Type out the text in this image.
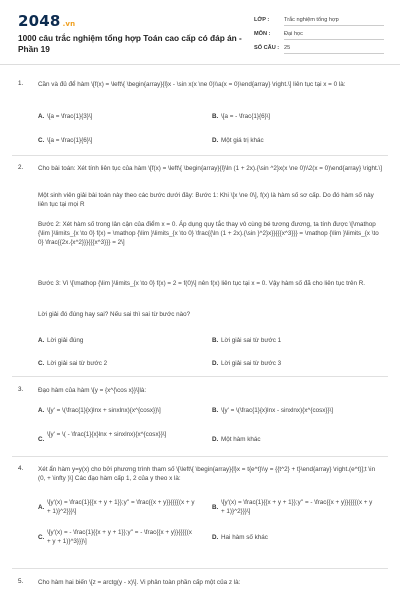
2048 .vn
1000 câu trắc nghiệm tổng hợp Toán cao cấp có đáp án - Phần 19
LỚP :	Trắc nghiệm tổng hợp
MÔN : Đại học
SỐ CÂU : 25
1. Cần và đủ để hàm \[f(x) = \left\{ \begin{array}{l}x - \sin x(x \ne 0)\\a(x = 0)\end{array} \right.\] liên tục tại x = 0 là:

A. \[a = \frac{1}{3}\]	B. \[a = - \frac{1}{6}\]
C. \[a = \frac{1}{6}\]	D. Một giá trị khác
2. Cho bài toán: Xét tính liên tục của hàm \[f(x) = \left\{ \begin{array}{l}\ln (1 + 2x).{\sin ^2}x(x \ne 0)\\2(x = 0)\end{array} \right.\]

Một sinh viên giải bài toán này theo các bước dưới đây: Bước 1: Khi \[x \ne 0\], f(x) là hàm số sơ cấp. Do đó hàm số này liên tục tại mọi R

Bước 2: Xét hàm số trong lân cận của điểm x = 0. Áp dụng quy tắc thay vô cùng bé tương đương, ta tính được \[\mathop {\lim }\limits_{x \to 0} f(x) = \mathop {\lim }\limits_{x \to 0} \frac{{\ln (1 + 2x).{\sin }^2}x}}{{{x^3}}} = \mathop {\lim }\limits_{x \to 0} \frac{{2x.{x^2}}}{{{x^3}}} = 2\]

Bước 3: Vì \[\mathop {\lim }\limits_{x \to 0} f(x) = 2 = f(0)\] nên f(x) liên tục tại x = 0. Vậy hàm số đã cho liên tục trên R.

Lời giải đó đúng hay sai? Nếu sai thì sai từ bước nào?

A. Lời giải đúng	B. Lời giải sai từ bước 1
C. Lời giải sai từ bước 2	D. Lời giải sai từ bước 3
3. Đạo hàm của hàm \[y = {x^{\cos x}}\]là:

A. \[y' = \(\frac{1}{x}lnx + sinxlnx){x^{cosx}}\]	B. \[y' = \(\frac{1}{x}lnx - sinxlnx){x^{cosx}}\]
C.
\[y' = \( - \frac{1}{x}lnx + sinxlnx){x^{cosx}}\]
D. Một hàm khác
4. Xét ẩn hàm y=y(x) cho bởi phương trình tham số \[\left\{ \begin{array}{l}x = t{e^t}\\y = {{t^2} + t}\end{array} \right.(e^t)];t \in (0, + \infty )\] Các đạo hàm cấp 1, 2 của y theo x là:

A.
\[y'(x) = \frac{1}{{x + y + 1}};y'' = \frac{{x + y}}{{{{(x + y + 1)}^2}}}\]
B.
\[y'(x) = \frac{1}{{x + y + 1}};y'' = - \frac{{x + y}}{{{{(x + y + 1)}^2}}}\]
C.
\[y'(x) = - \frac{1}{{x + y + 1}};y'' = - \frac{{x + y}}{{{{(x + y + 1)}^3}}}\]
D. Hai hàm số khác
5. Cho hàm hai biến \[z = arctg(y - x)\]. Vi phân toàn phần cấp một của z là:
